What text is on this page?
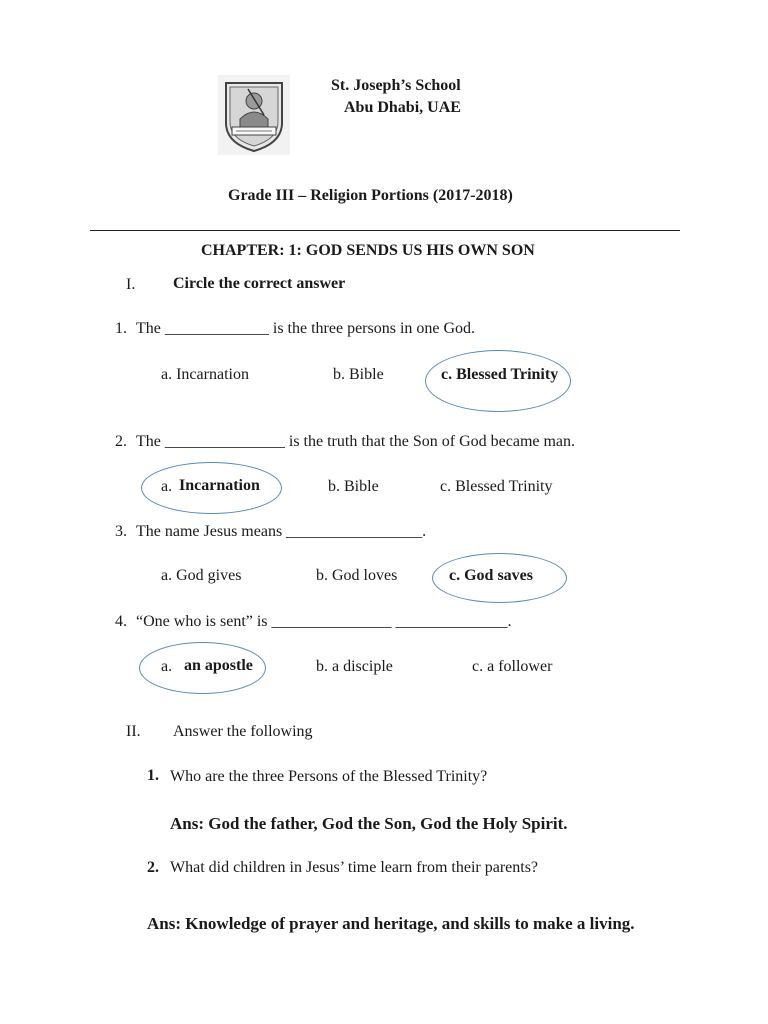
St. Joseph’s School
Abu Dhabi, UAE
Grade III – Religion Portions (2017-2018)
CHAPTER: 1: GOD SENDS US HIS OWN SON
I. Circle the correct answer
1. The _____________ is the three persons in one God.
a. Incarnation	b. Bible	c. Blessed Trinity
2. The _______________ is the truth that the Son of God became man.
a. Incarnation	b. Bible	c. Blessed Trinity
3. The name Jesus means _________________.
a. God gives	b. God loves	c. God saves
4. “One who is sent” is _______________ ______________.
a. an apostle	b. a disciple	c. a follower
II. Answer the following
1. Who are the three Persons of the Blessed Trinity?
Ans: God the father, God the Son, God the Holy Spirit.
2. What did children in Jesus’ time learn from their parents?
Ans: Knowledge of prayer and heritage, and skills to make a living.
